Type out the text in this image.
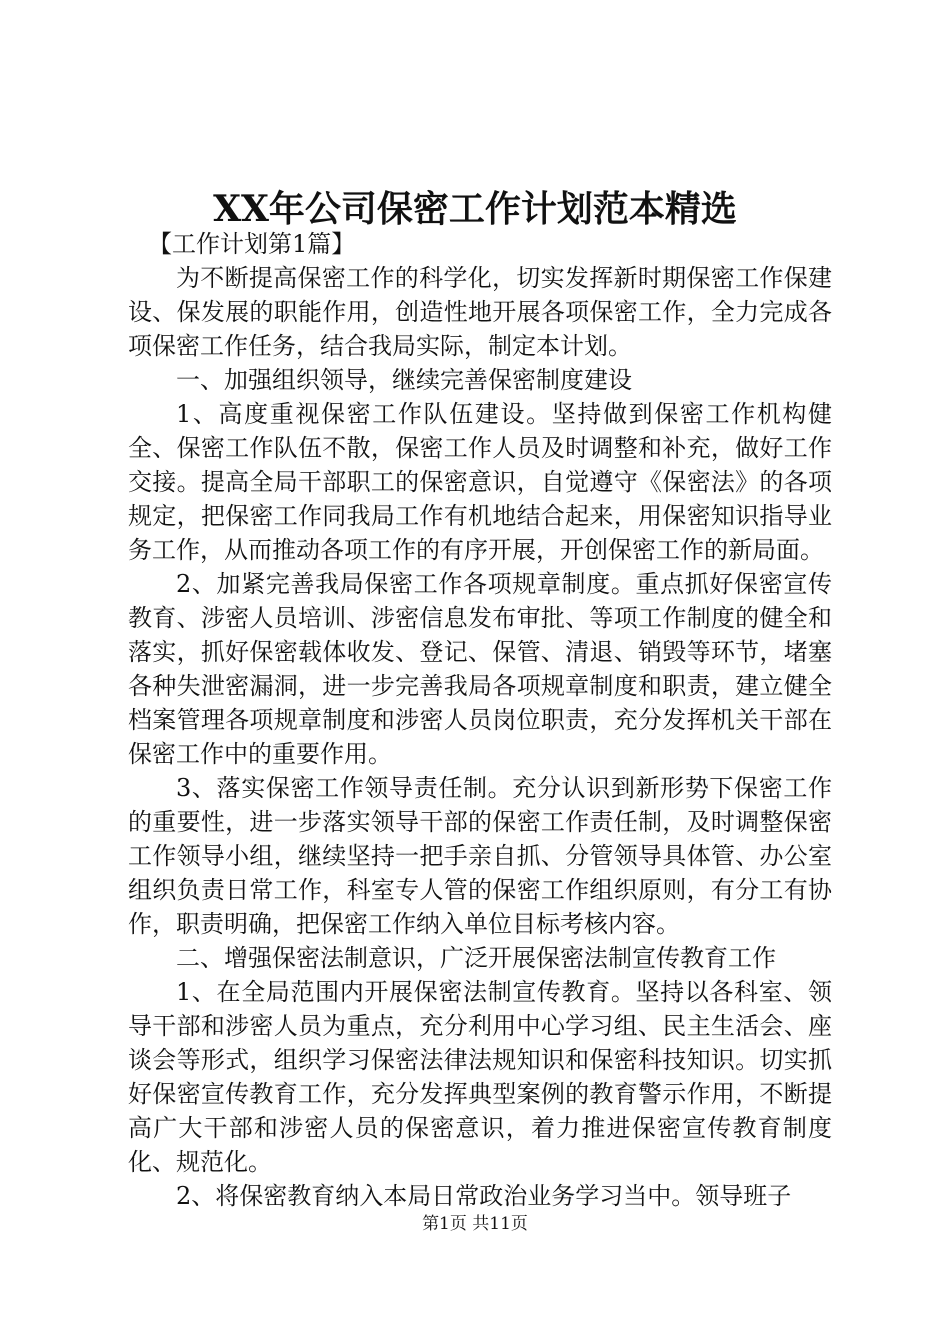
XX年公司保密工作计划范本精选

【工作计划第1篇】

为不断提高保密工作的科学化，切实发挥新时期保密工作保建设、保发展的职能作用，创造性地开展各项保密工作，全力完成各项保密工作任务，结合我局实际，制定本计划。

一、加强组织领导，继续完善保密制度建设

1、高度重视保密工作队伍建设。坚持做到保密工作机构健全、保密工作队伍不散，保密工作人员及时调整和补充，做好工作交接。提高全局干部职工的保密意识，自觉遵守《保密法》的各项规定，把保密工作同我局工作有机地结合起来，用保密知识指导业务工作，从而推动各项工作的有序开展，开创保密工作的新局面。

2、加紧完善我局保密工作各项规章制度。重点抓好保密宣传教育、涉密人员培训、涉密信息发布审批、等项工作制度的健全和落实，抓好保密载体收发、登记、保管、清退、销毁等环节，堵塞各种失泄密漏洞，进一步完善我局各项规章制度和职责，建立健全档案管理各项规章制度和涉密人员岗位职责，充分发挥机关干部在保密工作中的重要作用。

3、落实保密工作领导责任制。充分认识到新形势下保密工作的重要性，进一步落实领导干部的保密工作责任制，及时调整保密工作领导小组，继续坚持一把手亲自抓、分管领导具体管、办公室组织负责日常工作，科室专人管的保密工作组织原则，有分工有协作，职责明确，把保密工作纳入单位目标考核内容。

二、增强保密法制意识，广泛开展保密法制宣传教育工作

1、在全局范围内开展保密法制宣传教育。坚持以各科室、领导干部和涉密人员为重点，充分利用中心学习组、民主生活会、座谈会等形式，组织学习保密法律法规知识和保密科技知识。切实抓好保密宣传教育工作，充分发挥典型案例的教育警示作用，不断提高广大干部和涉密人员的保密意识，着力推进保密宣传教育制度化、规范化。

2、将保密教育纳入本局日常政治业务学习当中。领导班子

第1页 共11页
